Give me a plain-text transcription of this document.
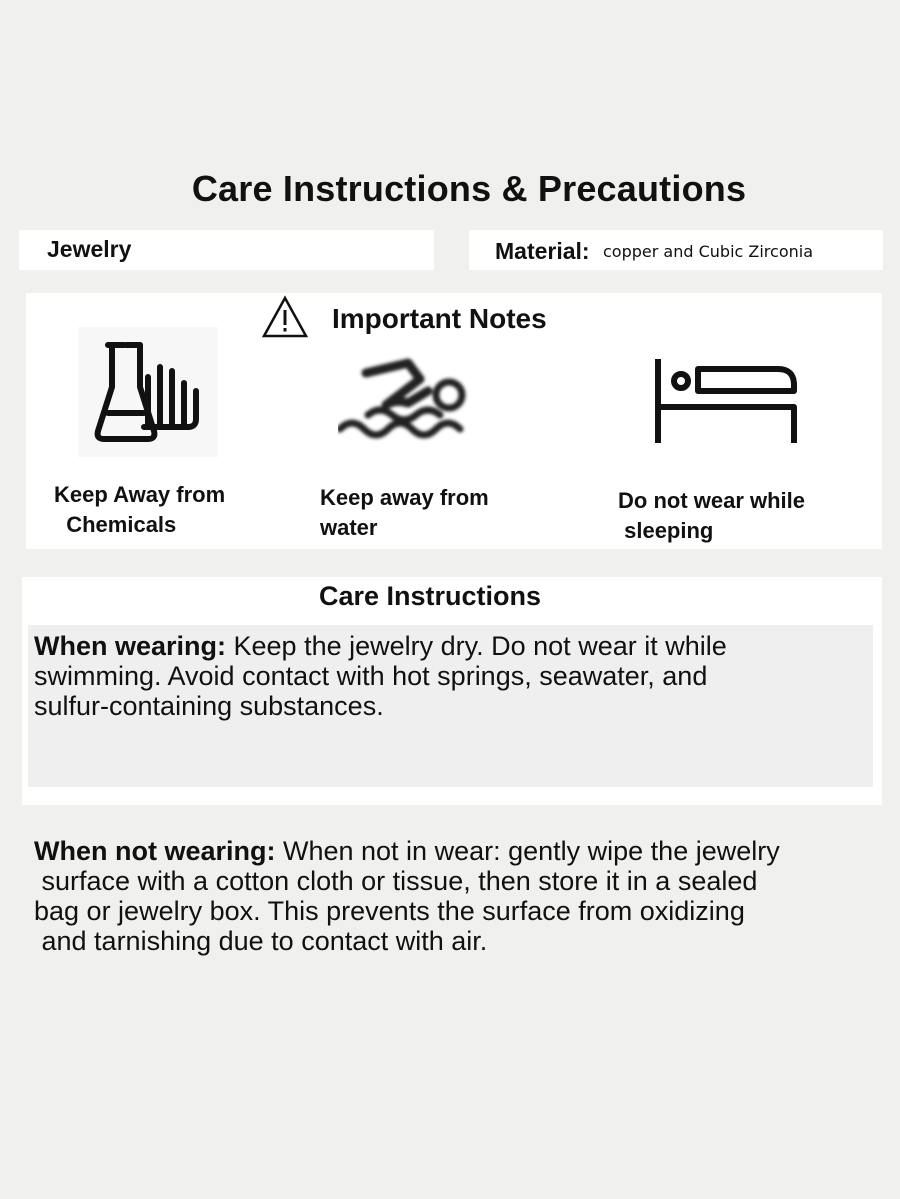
Care Instructions & Precautions
Jewelry	Material: copper and Cubic Zirconia
Important Notes
Keep Away from
Chemicals
Keep away from
water
Do not wear while
sleeping
Care Instructions
When wearing: Keep the jewelry dry. Do not wear it while
swimming. Avoid contact with hot springs, seawater, and
sulfur-containing substances.
When not wearing: When not in wear: gently wipe the jewelry
surface with a cotton cloth or tissue, then store it in a sealed
bag or jewelry box. This prevents the surface from oxidizing
and tarnishing due to contact with air.
